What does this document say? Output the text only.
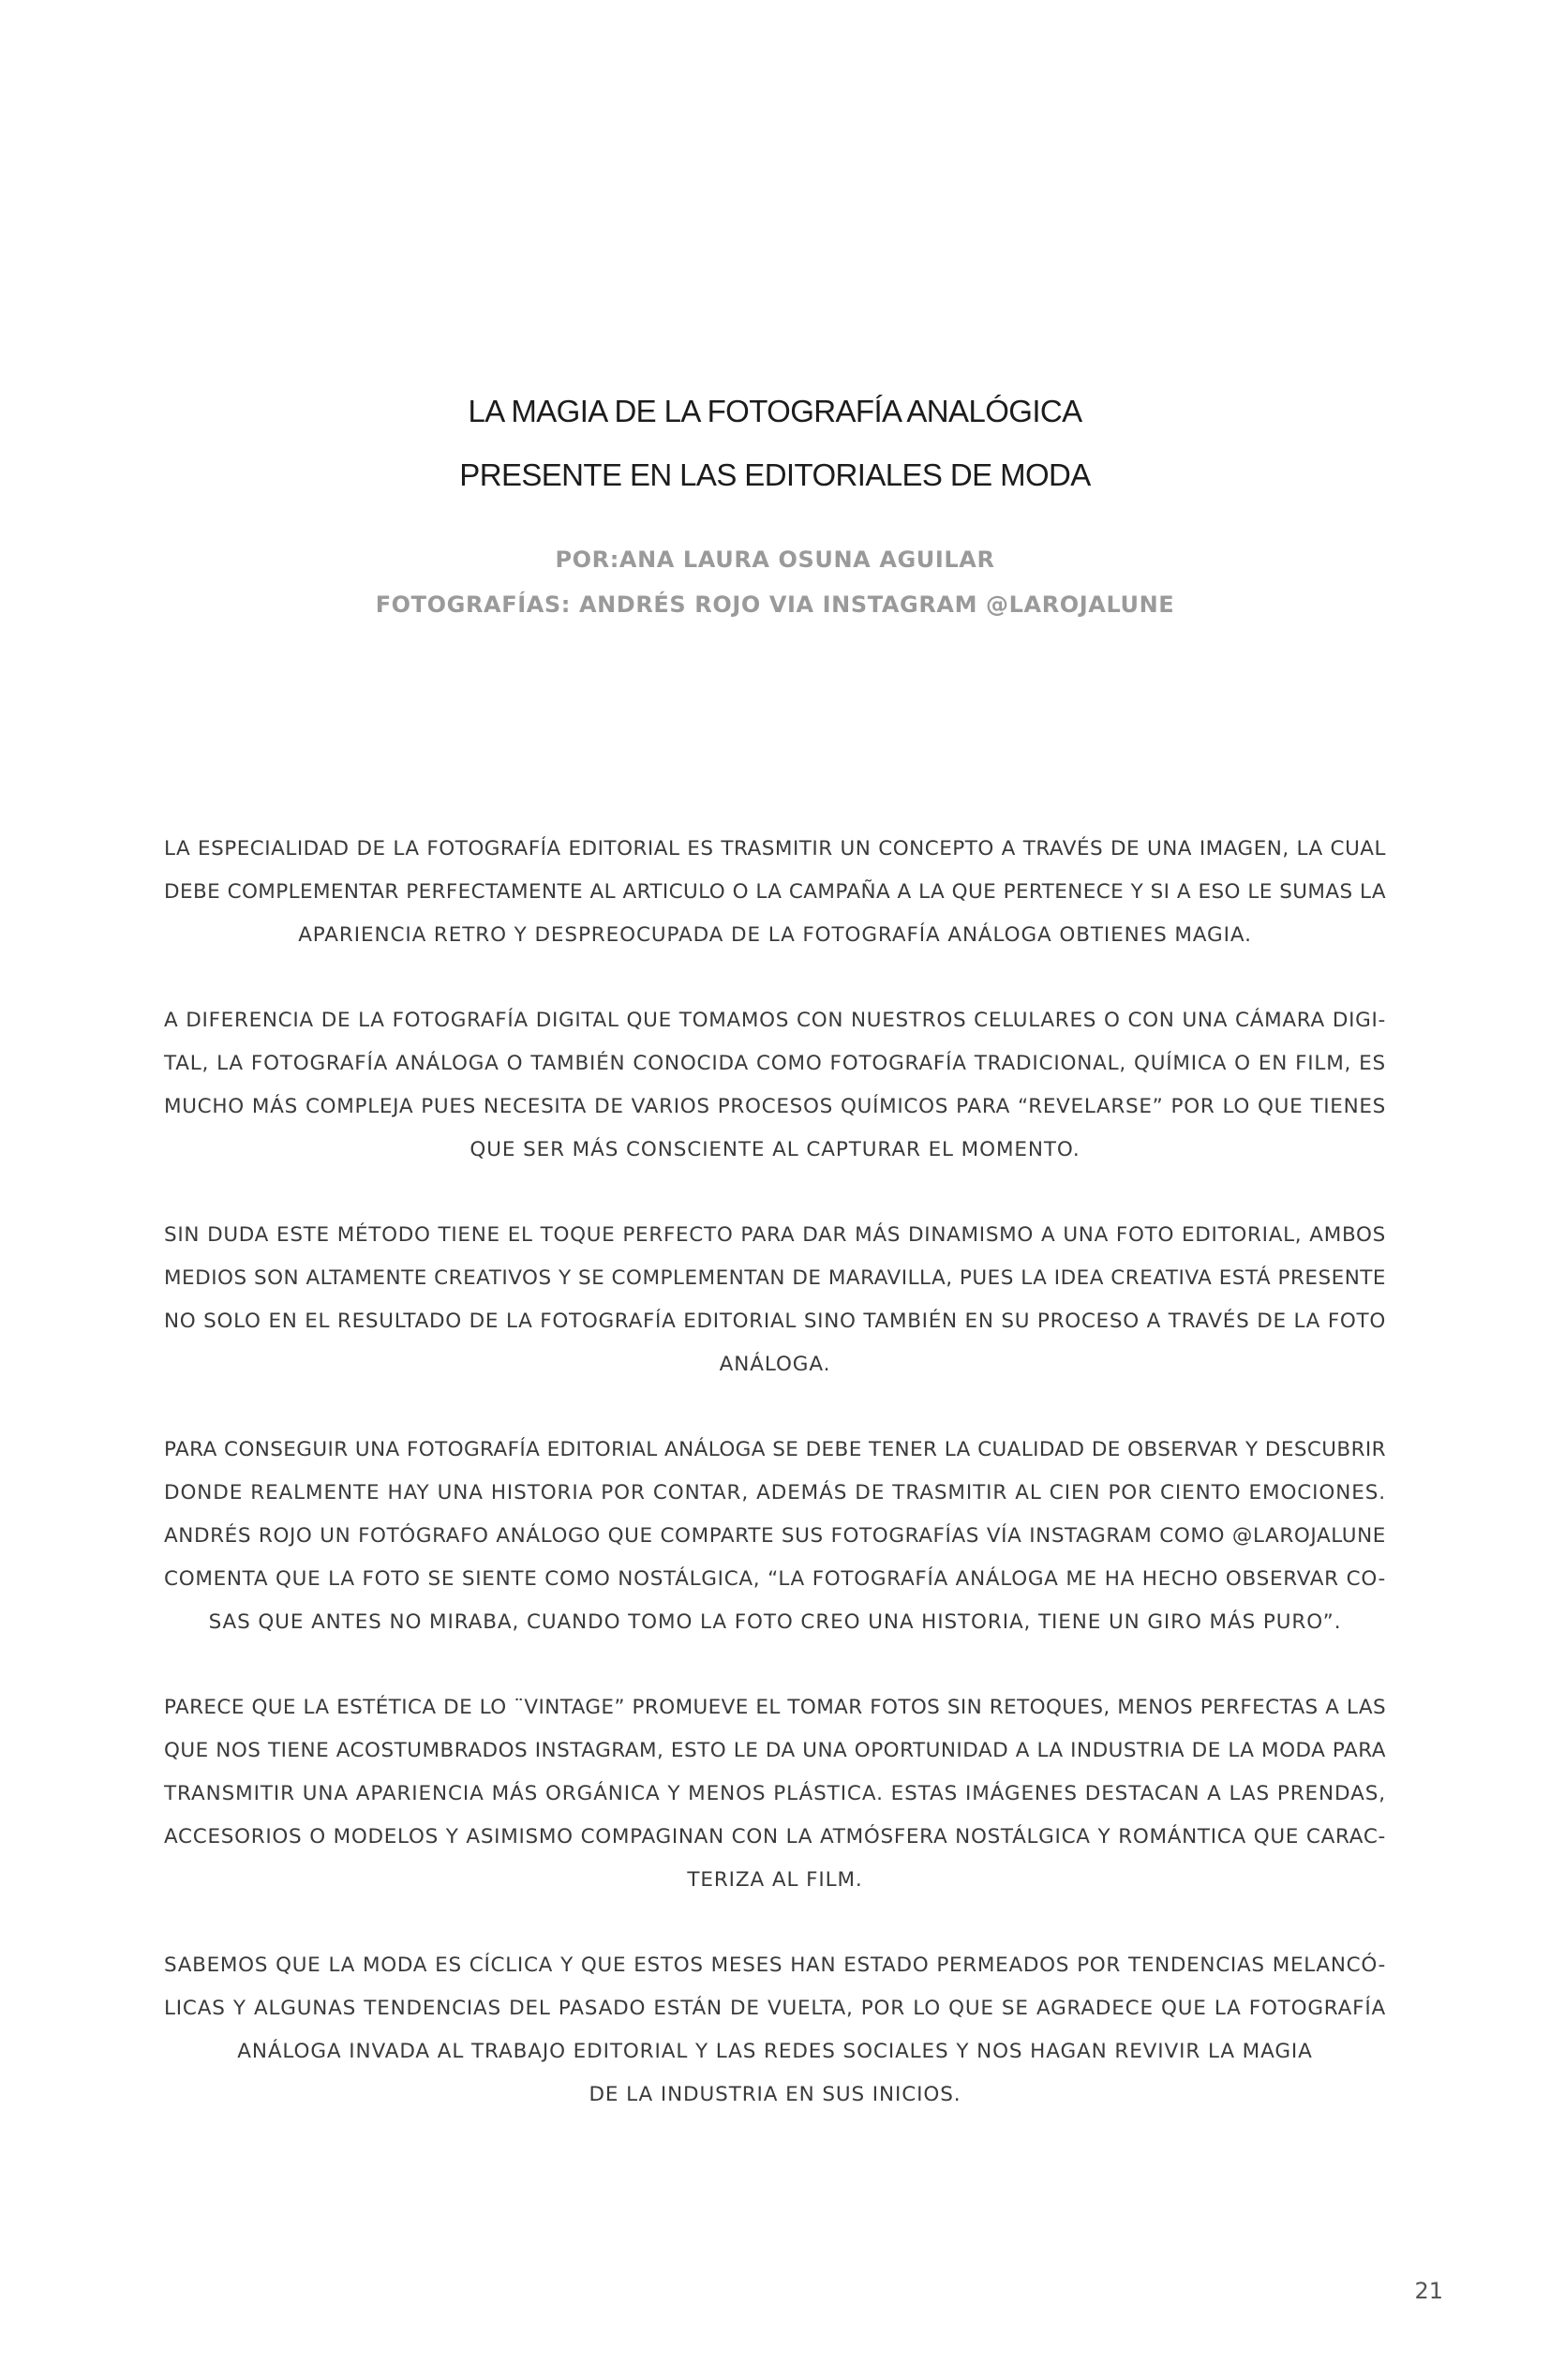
LA MAGIA DE LA FOTOGRAFÍA ANALÓGICA
PRESENTE EN LAS EDITORIALES DE MODA
POR:ANA LAURA OSUNA AGUILAR
FOTOGRAFÍAS: ANDRÉS ROJO VIA INSTAGRAM @LAROJALUNE

LA ESPECIALIDAD DE LA FOTOGRAFÍA EDITORIAL ES TRASMITIR UN CONCEPTO A TRAVÉS DE UNA IMAGEN, LA CUAL
DEBE COMPLEMENTAR PERFECTAMENTE AL ARTICULO O LA CAMPAÑA A LA QUE PERTENECE Y SI A ESO LE SUMAS LA
APARIENCIA RETRO Y DESPREOCUPADA DE LA FOTOGRAFÍA ANÁLOGA OBTIENES MAGIA.

A DIFERENCIA DE LA FOTOGRAFÍA DIGITAL QUE TOMAMOS CON NUESTROS CELULARES O CON UNA CÁMARA DIGI-
TAL, LA FOTOGRAFÍA ANÁLOGA O TAMBIÉN CONOCIDA COMO FOTOGRAFÍA TRADICIONAL, QUÍMICA O EN FILM, ES
MUCHO MÁS COMPLEJA PUES NECESITA DE VARIOS PROCESOS QUÍMICOS PARA “REVELARSE” POR LO QUE TIENES
QUE SER MÁS CONSCIENTE AL CAPTURAR EL MOMENTO.

SIN DUDA ESTE MÉTODO TIENE EL TOQUE PERFECTO PARA DAR MÁS DINAMISMO A UNA FOTO EDITORIAL, AMBOS
MEDIOS SON ALTAMENTE CREATIVOS Y SE COMPLEMENTAN DE MARAVILLA, PUES LA IDEA CREATIVA ESTÁ PRESENTE
NO SOLO EN EL RESULTADO DE LA FOTOGRAFÍA EDITORIAL SINO TAMBIÉN EN SU PROCESO A TRAVÉS DE LA FOTO
ANÁLOGA.

PARA CONSEGUIR UNA FOTOGRAFÍA EDITORIAL ANÁLOGA SE DEBE TENER LA CUALIDAD DE OBSERVAR Y DESCUBRIR
DONDE REALMENTE HAY UNA HISTORIA POR CONTAR, ADEMÁS DE TRASMITIR AL CIEN POR CIENTO EMOCIONES.
ANDRÉS ROJO UN FOTÓGRAFO ANÁLOGO QUE COMPARTE SUS FOTOGRAFÍAS VÍA INSTAGRAM COMO @LAROJALUNE
COMENTA QUE LA FOTO SE SIENTE COMO NOSTÁLGICA, “LA FOTOGRAFÍA ANÁLOGA ME HA HECHO OBSERVAR CO-
SAS QUE ANTES NO MIRABA, CUANDO TOMO LA FOTO CREO UNA HISTORIA, TIENE UN GIRO MÁS PURO”.

PARECE QUE LA ESTÉTICA DE LO ¨VINTAGE” PROMUEVE EL TOMAR FOTOS SIN RETOQUES, MENOS PERFECTAS A LAS
QUE NOS TIENE ACOSTUMBRADOS INSTAGRAM, ESTO LE DA UNA OPORTUNIDAD A LA INDUSTRIA DE LA MODA PARA
TRANSMITIR UNA APARIENCIA MÁS ORGÁNICA Y MENOS PLÁSTICA. ESTAS IMÁGENES DESTACAN A LAS PRENDAS,
ACCESORIOS O MODELOS Y ASIMISMO COMPAGINAN CON LA ATMÓSFERA NOSTÁLGICA Y ROMÁNTICA QUE CARAC-
TERIZA AL FILM.

SABEMOS QUE LA MODA ES CÍCLICA Y QUE ESTOS MESES HAN ESTADO PERMEADOS POR TENDENCIAS MELANCÓ-
LICAS Y ALGUNAS TENDENCIAS DEL PASADO ESTÁN DE VUELTA, POR LO QUE SE AGRADECE QUE LA FOTOGRAFÍA
ANÁLOGA INVADA AL TRABAJO EDITORIAL Y LAS REDES SOCIALES Y NOS HAGAN REVIVIR LA MAGIA
DE LA INDUSTRIA EN SUS INICIOS.

21
